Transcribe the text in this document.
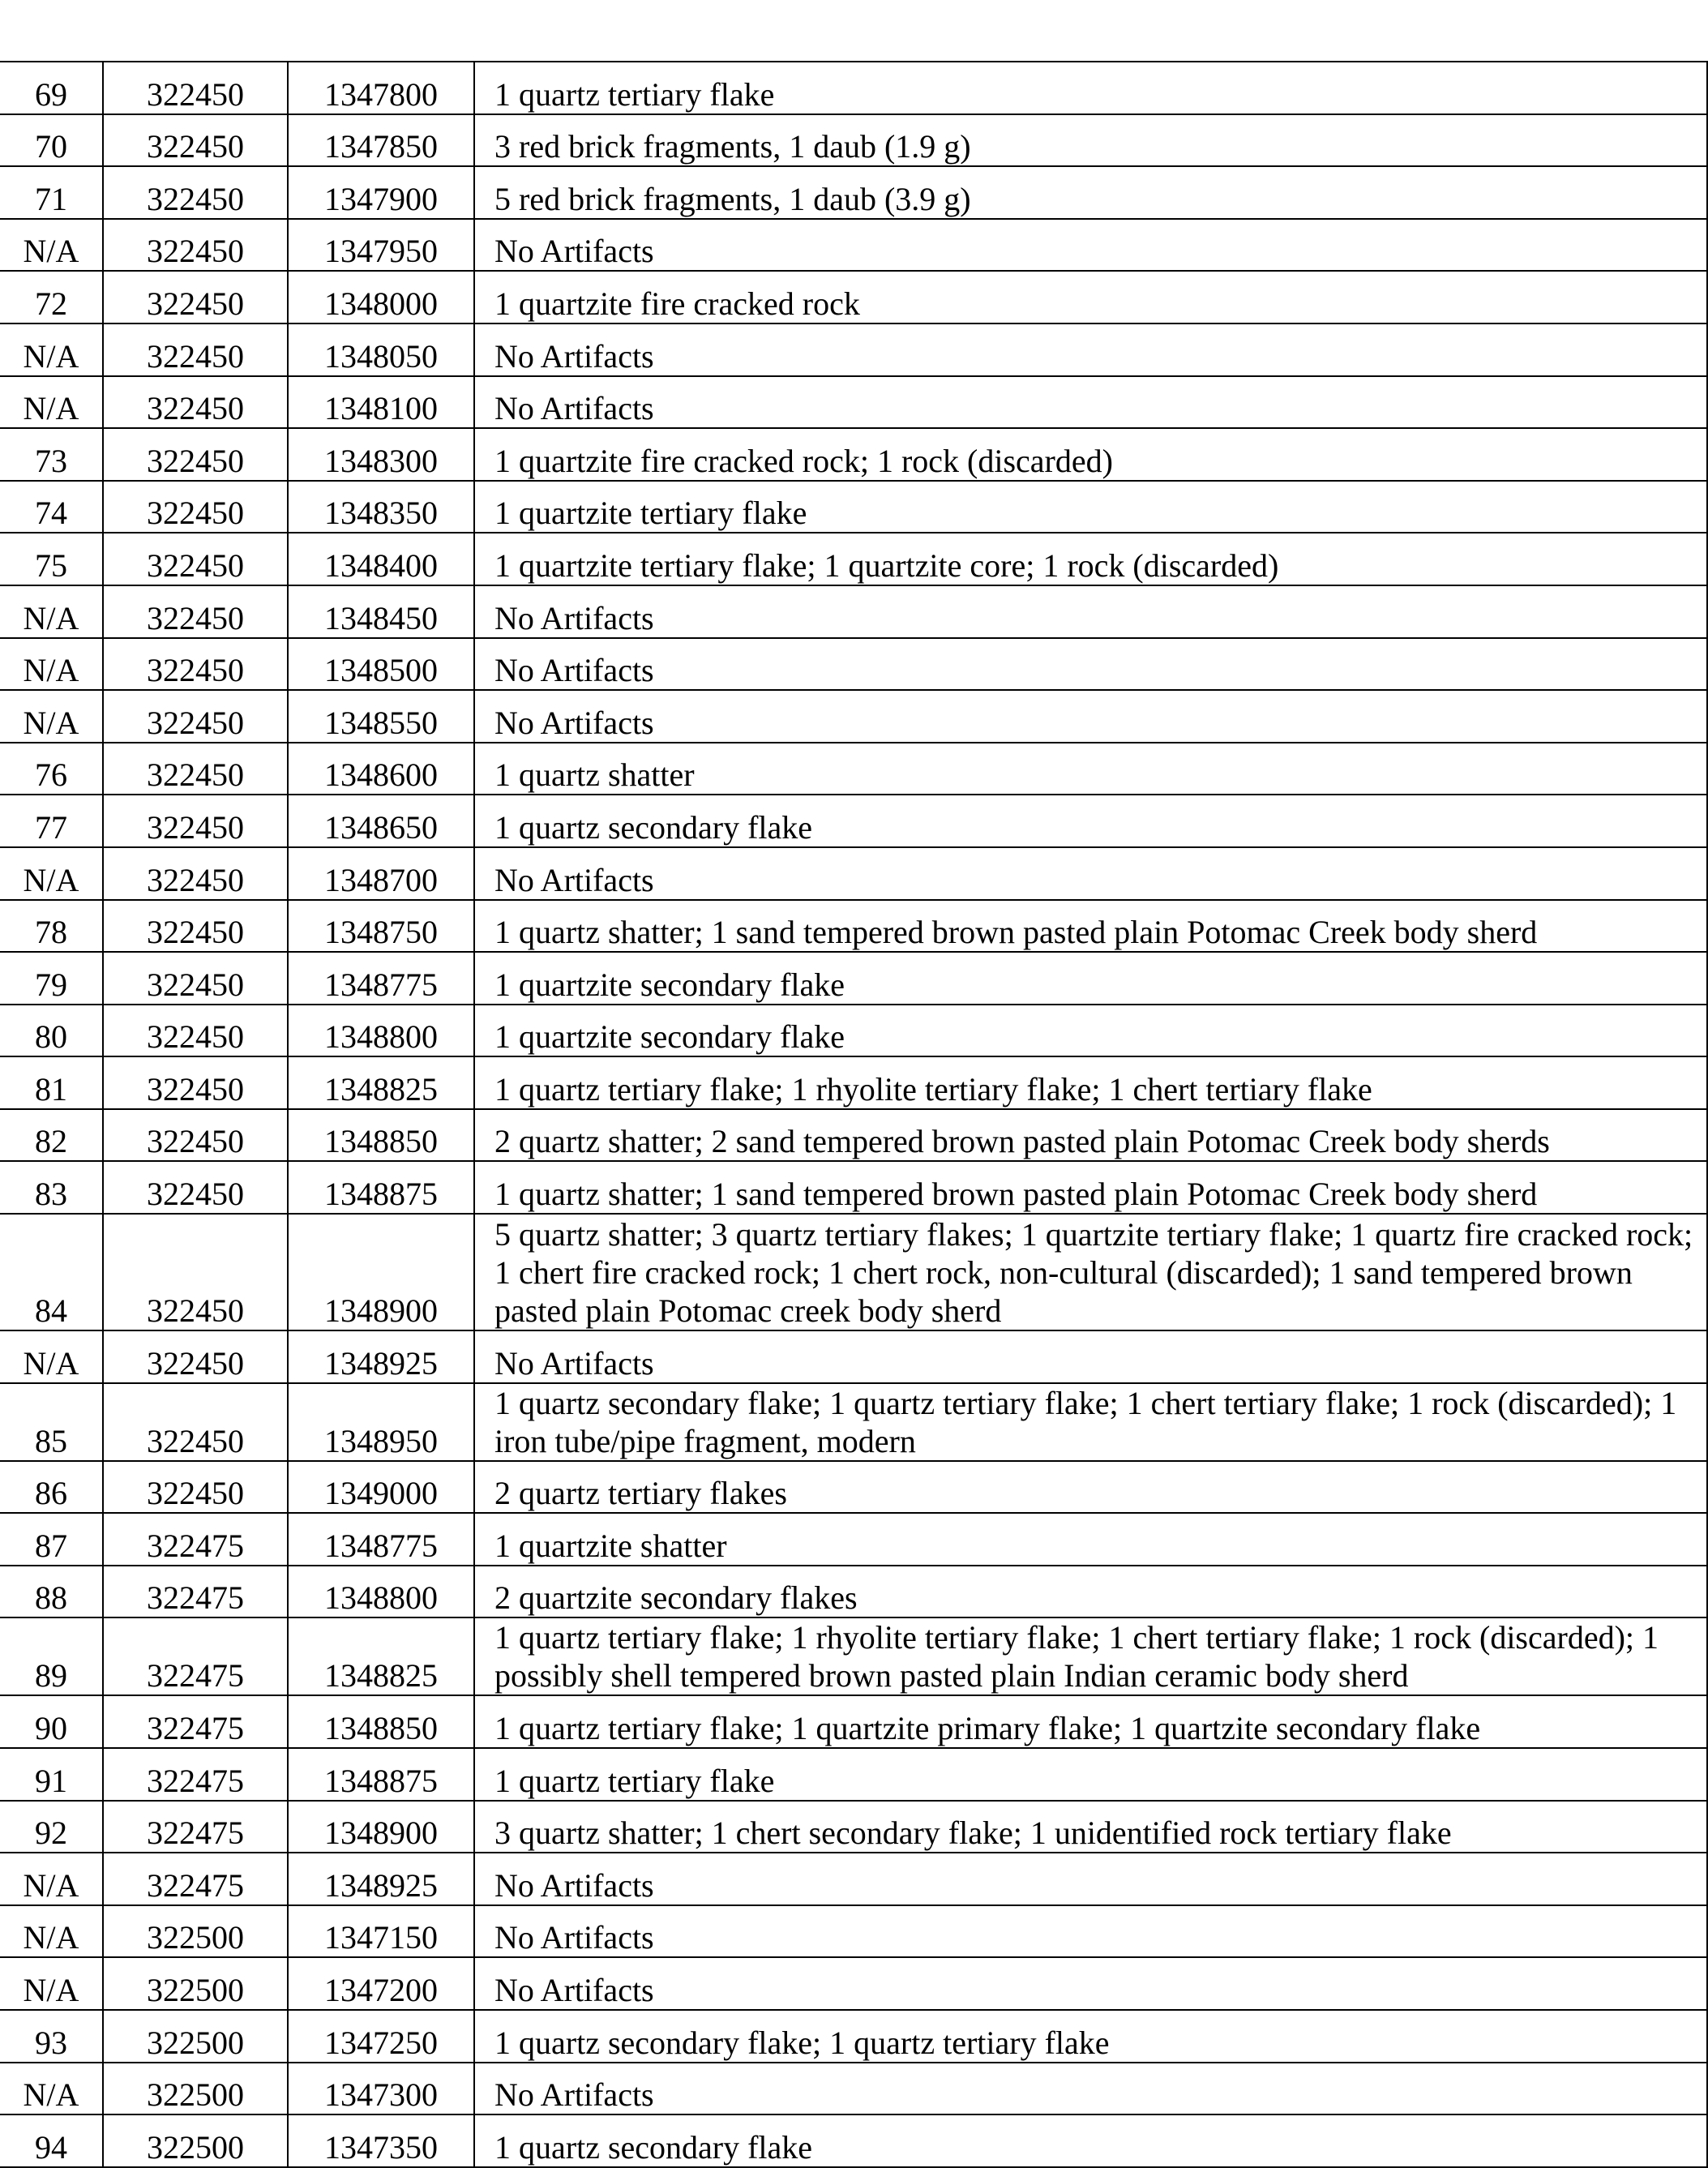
69	322450	1347800	1 quartz tertiary flake
70	322450	1347850	3 red brick fragments, 1 daub (1.9 g)
71	322450	1347900	5 red brick fragments, 1 daub (3.9 g)
N/A	322450	1347950	No Artifacts
72	322450	1348000	1 quartzite fire cracked rock
N/A	322450	1348050	No Artifacts
N/A	322450	1348100	No Artifacts
73	322450	1348300	1 quartzite fire cracked rock; 1 rock (discarded)
74	322450	1348350	1 quartzite tertiary flake
75	322450	1348400	1 quartzite tertiary flake; 1 quartzite core; 1 rock (discarded)
N/A	322450	1348450	No Artifacts
N/A	322450	1348500	No Artifacts
N/A	322450	1348550	No Artifacts
76	322450	1348600	1 quartz shatter
77	322450	1348650	1 quartz secondary flake
N/A	322450	1348700	No Artifacts
78	322450	1348750	1 quartz shatter; 1 sand tempered brown pasted plain Potomac Creek body sherd
79	322450	1348775	1 quartzite secondary flake
80	322450	1348800	1 quartzite secondary flake
81	322450	1348825	1 quartz tertiary flake; 1 rhyolite tertiary flake; 1 chert tertiary flake
82	322450	1348850	2 quartz shatter; 2 sand tempered brown pasted plain Potomac Creek body sherds
83	322450	1348875	1 quartz shatter; 1 sand tempered brown pasted plain Potomac Creek body sherd
84	322450	1348900	5 quartz shatter; 3 quartz tertiary flakes; 1 quartzite tertiary flake; 1 quartz fire cracked rock; 1 chert fire cracked rock; 1 chert rock, non-cultural (discarded); 1 sand tempered brown pasted plain Potomac creek body sherd
N/A	322450	1348925	No Artifacts
85	322450	1348950	1 quartz secondary flake; 1 quartz tertiary flake; 1 chert tertiary flake; 1 rock (discarded); 1 iron tube/pipe fragment, modern
86	322450	1349000	2 quartz tertiary flakes
87	322475	1348775	1 quartzite shatter
88	322475	1348800	2 quartzite secondary flakes
89	322475	1348825	1 quartz tertiary flake; 1 rhyolite tertiary flake; 1 chert tertiary flake; 1 rock (discarded); 1 possibly shell tempered brown pasted plain Indian ceramic body sherd
90	322475	1348850	1 quartz tertiary flake; 1 quartzite primary flake; 1 quartzite secondary flake
91	322475	1348875	1 quartz tertiary flake
92	322475	1348900	3 quartz shatter; 1 chert secondary flake; 1 unidentified rock tertiary flake
N/A	322475	1348925	No Artifacts
N/A	322500	1347150	No Artifacts
N/A	322500	1347200	No Artifacts
93	322500	1347250	1 quartz secondary flake; 1 quartz tertiary flake
N/A	322500	1347300	No Artifacts
94	322500	1347350	1 quartz secondary flake
